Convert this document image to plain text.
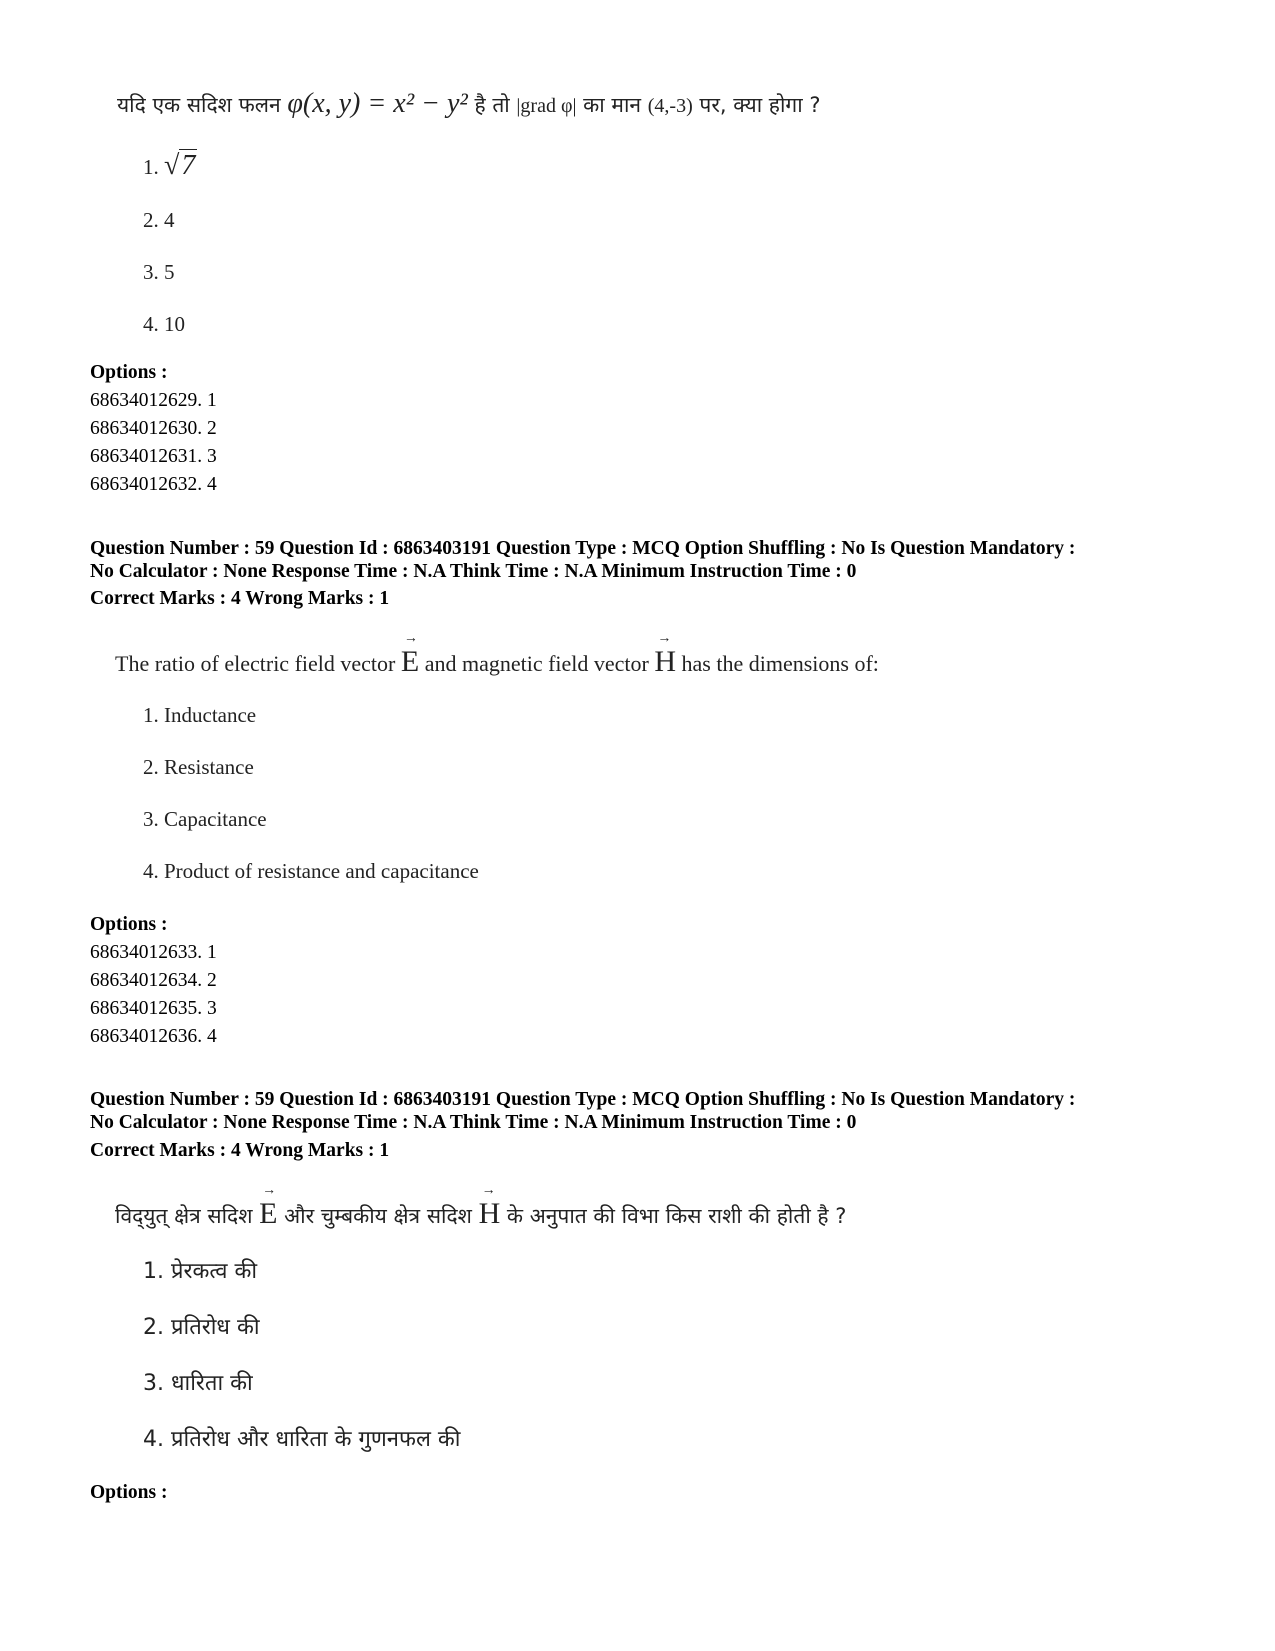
यदि एक सदिश फलन φ(x, y) = x² − y² है तो |grad φ| का मान (4,-3) पर, क्या होगा ?
1. √7
2. 4
3. 5
4. 10
Options :
68634012629. 1
68634012630. 2
68634012631. 3
68634012632. 4
Question Number : 59 Question Id : 6863403191 Question Type : MCQ Option Shuffling : No Is Question Mandatory :
No Calculator : None Response Time : N.A Think Time : N.A Minimum Instruction Time : 0
Correct Marks : 4 Wrong Marks : 1
The ratio of electric field vector → E and magnetic field vector → H has the dimensions of:
1. Inductance
2. Resistance
3. Capacitance
4. Product of resistance and capacitance
Options :
68634012633. 1
68634012634. 2
68634012635. 3
68634012636. 4
Question Number : 59 Question Id : 6863403191 Question Type : MCQ Option Shuffling : No Is Question Mandatory :
No Calculator : None Response Time : N.A Think Time : N.A Minimum Instruction Time : 0
Correct Marks : 4 Wrong Marks : 1
विद्‌युत्‌ क्षेत्र सदिश → E और चुम्बकीय क्षेत्र सदिश → H के अनुपात की विभा किस राशी की होती है ?
1. प्रेरकत्व की
2. प्रतिरोध की
3. धारिता की
4. प्रतिरोध और धारिता के गुणनफल की
Options :
